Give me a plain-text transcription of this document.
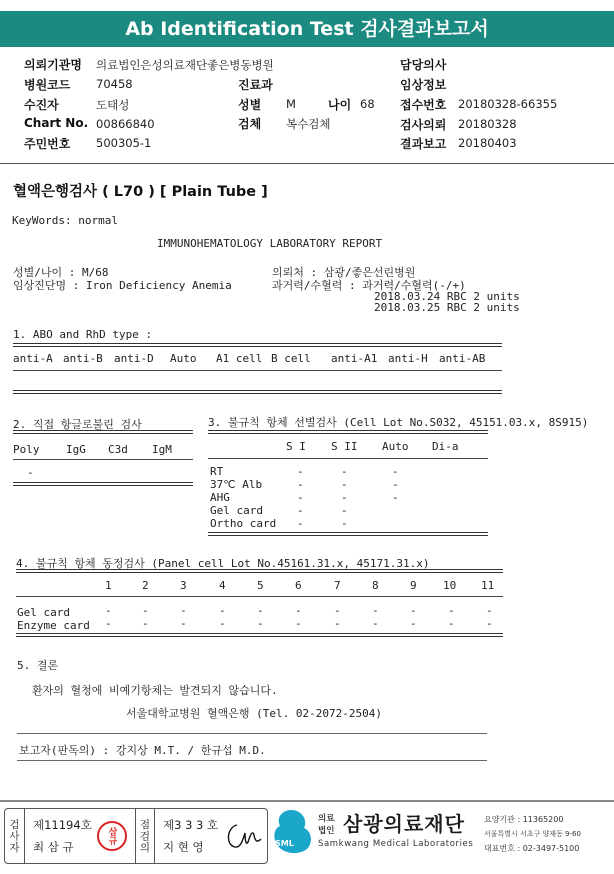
Ab Identification Test 검사결과보고서
의뢰기관명 의료법인은성의료재단좋은병동병원	담당의사
병원코드 70458	진료과	임상정보
수진자	도태성	성별 M	나이 68 접수번호 20180328-66355
Chart No. 00866840	검체 복수검체	검사의뢰 20180328
주민번호 500305-1	결과보고 20180403
혈액은행검사 ( L70 ) [ Plain Tube ]
KeyWords: normal
IMMUNOHEMATOLOGY LABORATORY REPORT
성별/나이 : M/68
임상진단명 : Iron Deficiency Anemia
의뢰처 : 삼광/좋은선린병원
과거력/수혈력 : 과거력/수혈력(-/+)
2018.03.24 RBC 2 units
2018.03.25 RBC 2 units
1. ABO and RhD type :
anti-A anti-B anti-D Auto A1 cell B cell anti-A1 anti-H anti-AB
2. 직접 항글로불린 검사
Poly IgG C3d IgM
-
3. 불규칙 항체 선별검사 (Cell Lot No.S032, 45151.03.x, 8S915)
S I S II Auto Di-a
RT	-	-	-
37℃ Alb	-	-	-
AHG	-	-	-
Gel card	-	-
Ortho card -	-
4. 불규칙 항체 동정검사 (Panel cell Lot No.45161.31.x, 45171.31.x)
1	2	3	4	5	6	7	8	9 10 11
Gel card	-	-	-	-	-	-	-	-	-	-	-
Enzyme card -	-	-	-	-	-	-	-	-	-	-
5. 결론
환자의 혈청에 비예기항체는 발견되지 않습니다.
서울대학교병원 혈액은행 (Tel. 02-2072-2504)
보고자(판독의) : 강지상 M.T. / 한규섭 M.D.
검사자 제11194호
최 삼 규
삼규 점검의 제3 3 3 호
지 현 영	SML
의료
법인 삼광의료재단
Samkwang Medical Laboratories
요양기관 : 11365200
서울특별시 서초구 양재동 9-60
대표번호 : 02-3497-5100
